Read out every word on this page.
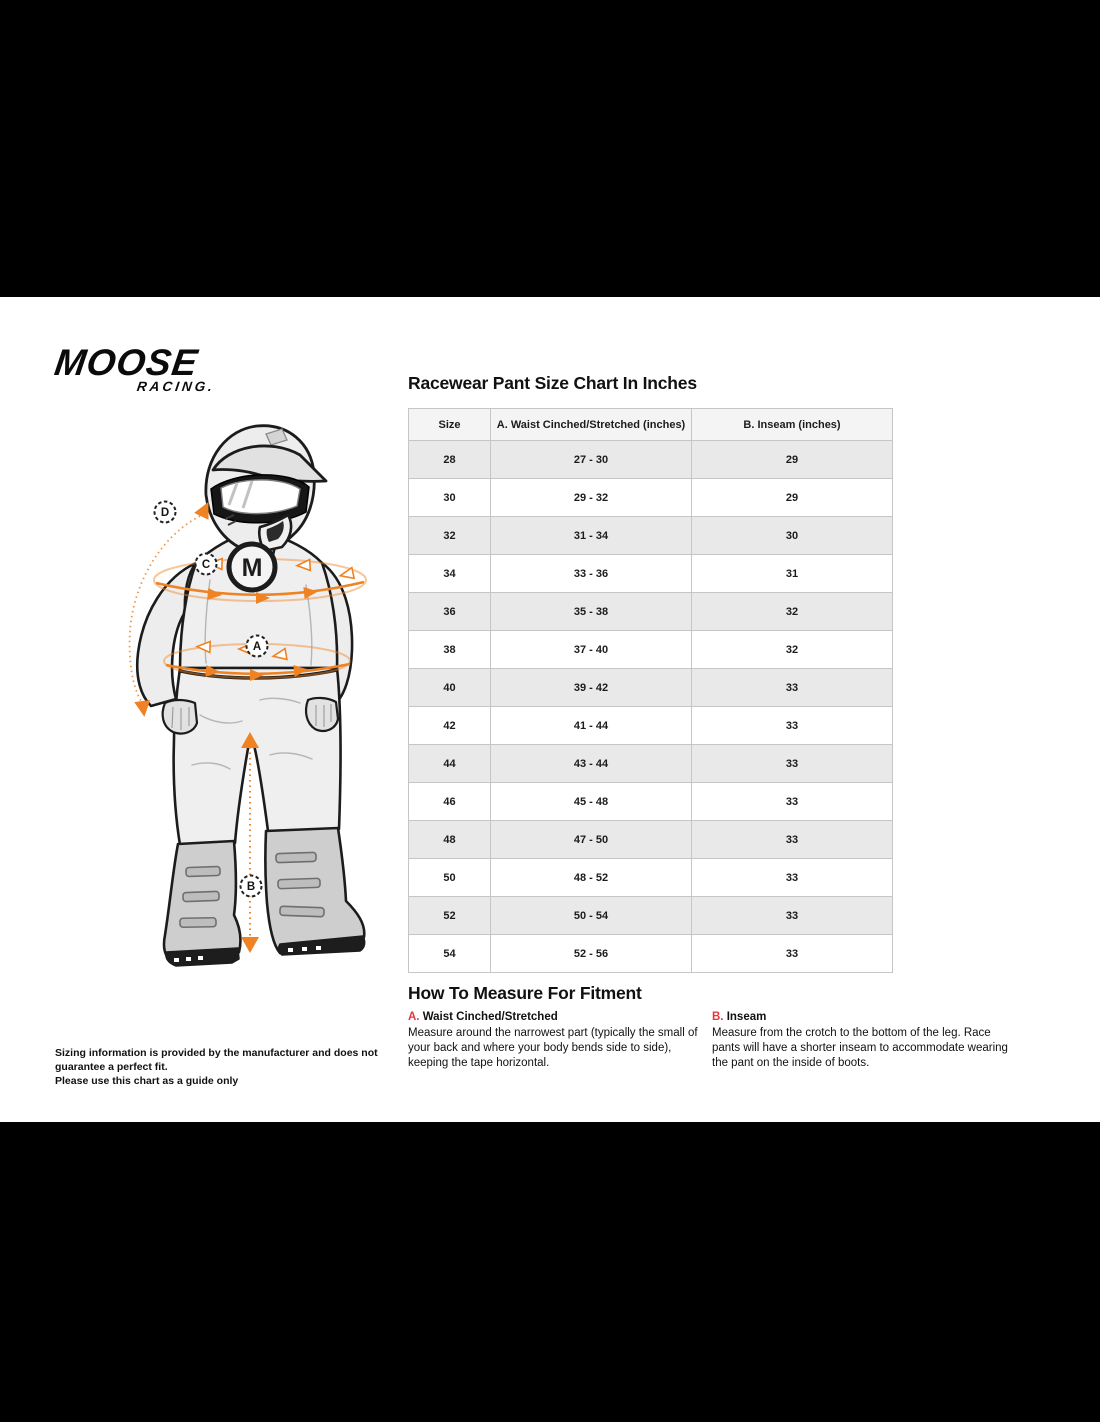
MOOSE
RACING.
M
D
C
A
B
Racewear Pant Size Chart In Inches
Size	A. Waist Cinched/Stretched (inches)	B. Inseam (inches)
28	27 - 30	29
30	29 - 32	29
32	31 - 34	30
34	33 - 36	31
36	35 - 38	32
38	37 - 40	32
40	39 - 42	33
42	41 - 44	33
44	43 - 44	33
46	45 - 48	33
48	47 - 50	33
50	48 - 52	33
52	50 - 54	33
54	52 - 56	33
How To Measure For Fitment
A. Waist Cinched/Stretched
Measure around the narrowest part (typically the small of your back and where your body bends side to side), keeping the tape horizontal.
B. Inseam
Measure from the crotch to the bottom of the leg. Race pants will have a shorter inseam to accommodate wearing the pant on the inside of boots.
Sizing information is provided by the manufacturer and does not guarantee a perfect fit.
Please use this chart as a guide only
